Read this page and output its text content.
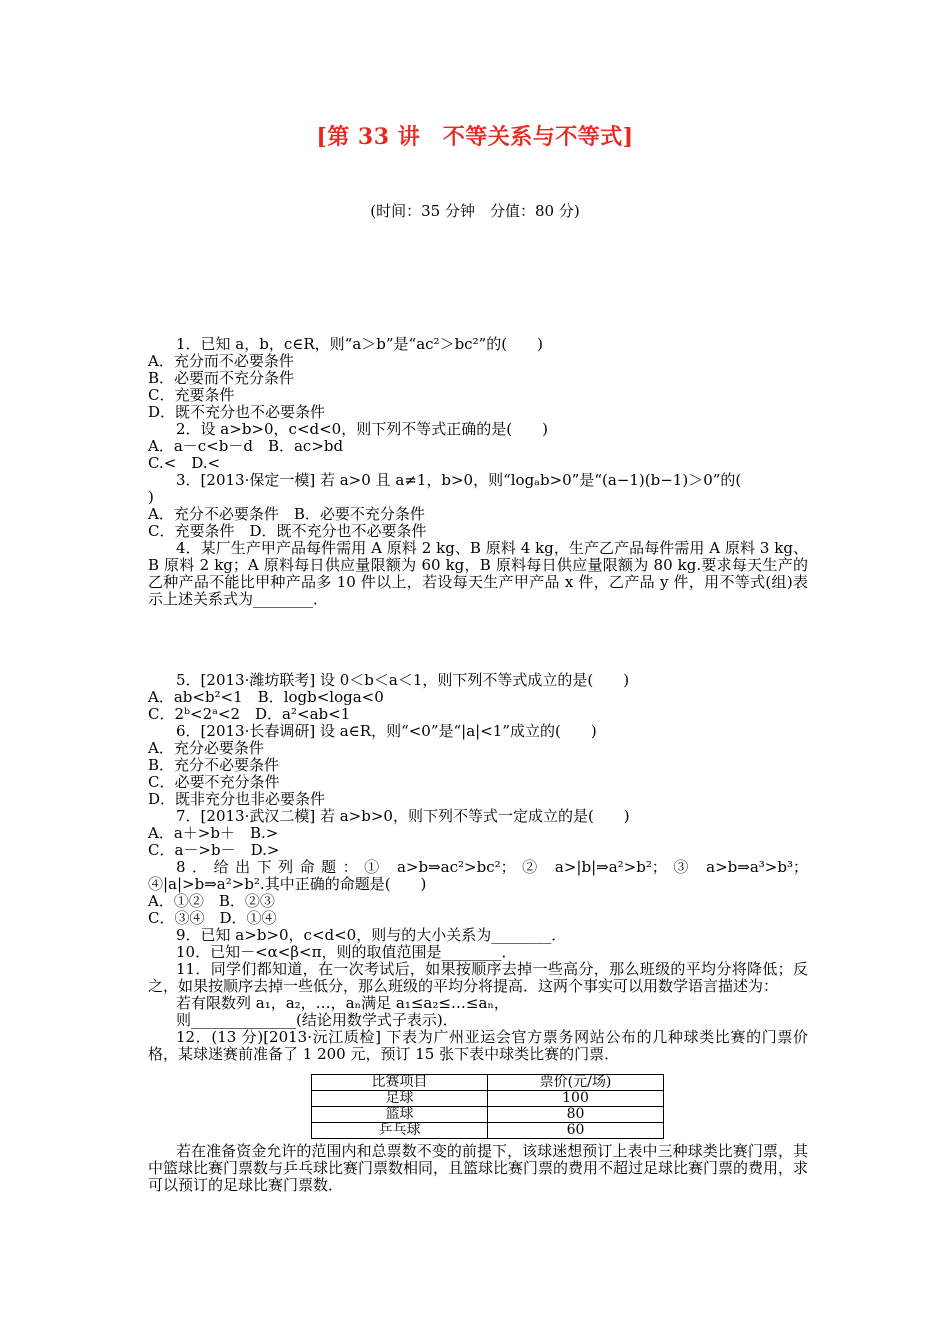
[第 33 讲　不等关系与不等式]
(时间：35 分钟　分值：80 分)
1．已知 a，b，c∈R，则“a＞b”是“ac²＞bc²”的(　　)
A．充分而不必要条件
B．必要而不充分条件
C．充要条件
D．既不充分也不必要条件
2．设 a>b>0，c<d<0，则下列不等式正确的是(　　)
A．a－c<b－d　B．ac>bd
C.<　D.<
3．[2013·保定一模] 若 a>0 且 a≠1，b>0，则“logₐb>0”是“(a−1)(b−1)＞0”的(
)
A．充分不必要条件　B．必要不充分条件
C．充要条件　D．既不充分也不必要条件
4．某厂生产甲产品每件需用 A 原料 2 kg、B 原料 4 kg，生产乙产品每件需用 A 原料 3 kg、B 原料 2 kg；A 原料每日供应量限额为 60 kg，B 原料每日供应量限额为 80 kg.要求每天生产的乙种产品不能比甲种产品多 10 件以上，若设每天生产甲产品 x 件，乙产品 y 件，用不等式(组)表示上述关系式为________．
5．[2013·潍坊联考] 设 0＜b＜a＜1，则下列不等式成立的是(　　)
A．ab<b²<1　B．logb<loga<0
C．2ᵇ<2ᵃ<2　D．a²<ab<1
6．[2013·长春调研] 设 a∈R，则“<0”是“|a|<1”成立的(　　)
A．充分必要条件
B．充分不必要条件
C．必要不充分条件
D．既非充分也非必要条件
7．[2013·武汉二模] 若 a>b>0，则下列不等式一定成立的是(　　)
A．a＋>b＋　B.>
C．a－>b－　D.>
8．给出下列命题：① a>b⇒ac²>bc²；② a>|b|⇒a²>b²；③ a>b⇒a³>b³；④|a|>b⇒a²>b².其中正确的命题是(　　)
A．①②　B．②③
C．③④　D．①④
9．已知 a>b>0，c<d<0，则与的大小关系为________．
10．已知－<α<β<π，则的取值范围是________．
11．同学们都知道，在一次考试后，如果按顺序去掉一些高分，那么班级的平均分将降低；反之，如果按顺序去掉一些低分，那么班级的平均分将提高．这两个事实可以用数学语言描述为：
若有限数列 a₁，a₂，…，aₙ满足 a₁≤a₂≤…≤aₙ，
则______________(结论用数学式子表示)．
12．(13 分)[2013·沅江质检] 下表为广州亚运会官方票务网站公布的几种球类比赛的门票价格，某球迷赛前准备了 1 200 元，预订 15 张下表中球类比赛的门票．
比赛项目	票价(元/场)
足球	100
篮球	80
乒乓球	60
若在准备资金允许的范围内和总票数不变的前提下，该球迷想预订上表中三种球类比赛门票，其中篮球比赛门票数与乒乓球比赛门票数相同，且篮球比赛门票的费用不超过足球比赛门票的费用，求可以预订的足球比赛门票数．
